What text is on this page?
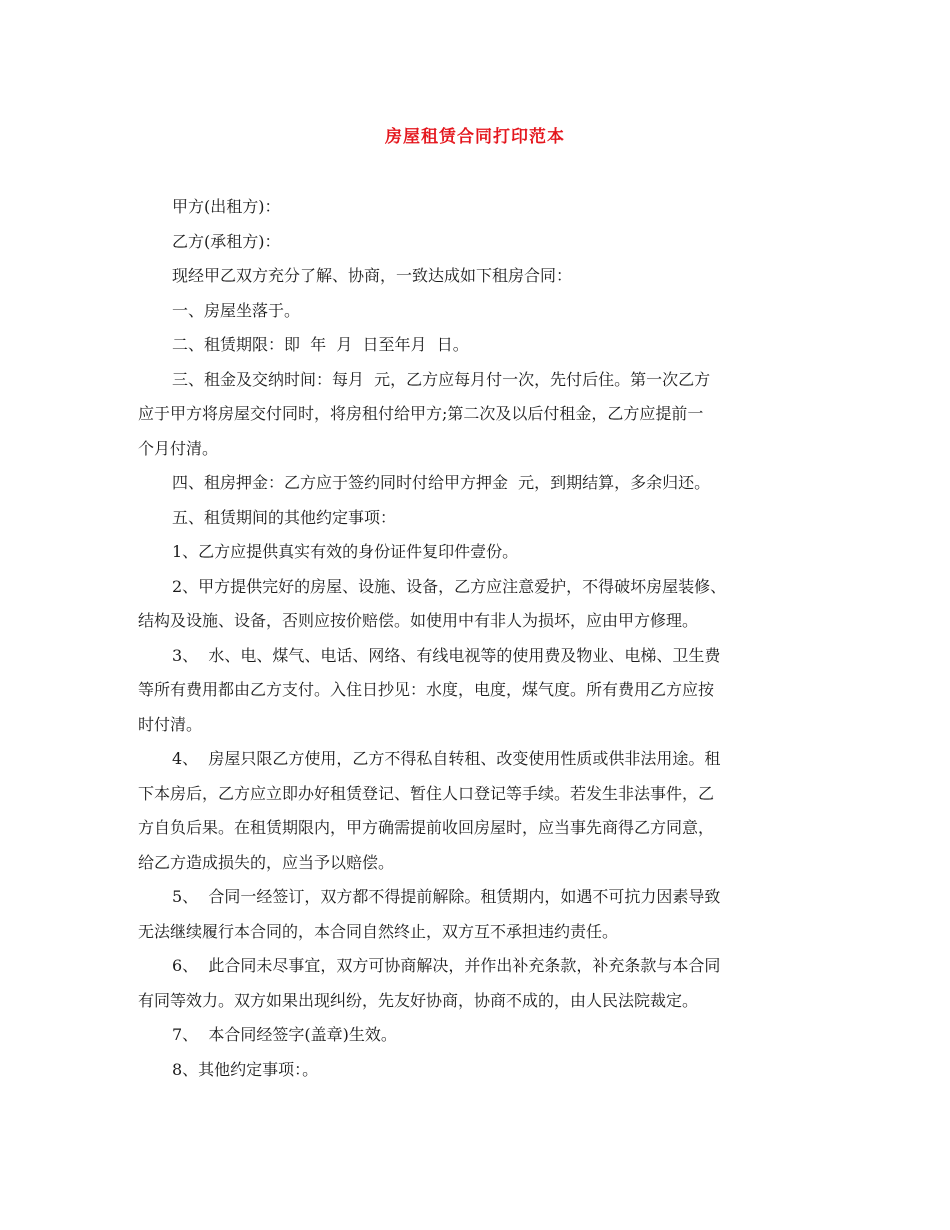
房屋租赁合同打印范本
甲方(出租方)：
乙方(承租方)：
现经甲乙双方充分了解、协商，一致达成如下租房合同：
一、房屋坐落于。
二、租赁期限：即  年  月  日至年月  日。
三、租金及交纳时间：每月  元，乙方应每月付一次，先付后住。第一次乙方
应于甲方将房屋交付同时，将房租付给甲方;第二次及以后付租金，乙方应提前一
个月付清。
四、租房押金：乙方应于签约同时付给甲方押金  元，到期结算，多余归还。
五、租赁期间的其他约定事项：
1、乙方应提供真实有效的身份证件复印件壹份。
2、甲方提供完好的房屋、设施、设备，乙方应注意爱护，不得破坏房屋装修、
结构及设施、设备，否则应按价赔偿。如使用中有非人为损坏，应由甲方修理。
3、  水、电、煤气、电话、网络、有线电视等的使用费及物业、电梯、卫生费
等所有费用都由乙方支付。入住日抄见：水度，电度，煤气度。所有费用乙方应按
时付清。
4、  房屋只限乙方使用，乙方不得私自转租、改变使用性质或供非法用途。租
下本房后，乙方应立即办好租赁登记、暂住人口登记等手续。若发生非法事件，乙
方自负后果。在租赁期限内，甲方确需提前收回房屋时，应当事先商得乙方同意，
给乙方造成损失的，应当予以赔偿。
5、  合同一经签订，双方都不得提前解除。租赁期内，如遇不可抗力因素导致
无法继续履行本合同的，本合同自然终止，双方互不承担违约责任。
6、  此合同未尽事宜，双方可协商解决，并作出补充条款，补充条款与本合同
有同等效力。双方如果出现纠纷，先友好协商，协商不成的，由人民法院裁定。
7、  本合同经签字(盖章)生效。
8、其他约定事项：。
